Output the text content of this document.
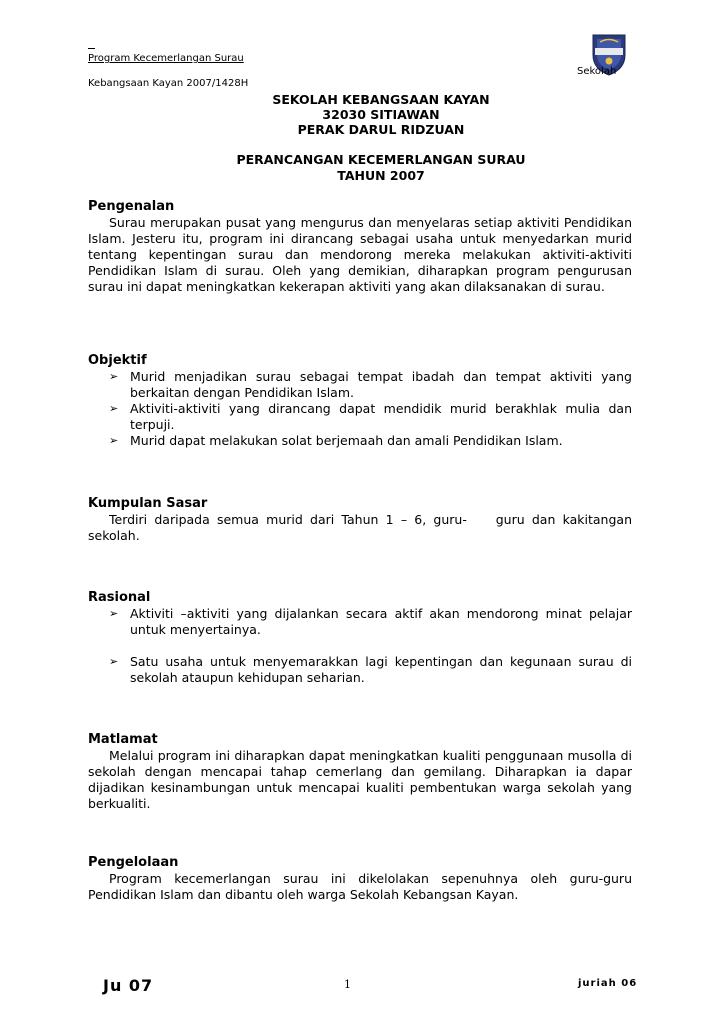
Program Kecemerlangan Surau
Kebangsaan Kayan 2007/1428H
Sekolah
SEKOLAH KEBANGSAAN KAYAN
32030 SITIAWAN
PERAK DARUL RIDZUAN
PERANCANGAN KECEMERLANGAN SURAU
TAHUN 2007
Pengenalan
Surau merupakan pusat yang mengurus dan menyelaras setiap aktiviti Pendidikan Islam. Jesteru itu, program ini dirancang sebagai usaha untuk menyedarkan murid tentang kepentingan surau dan mendorong mereka melakukan aktiviti-aktiviti Pendidikan Islam di surau. Oleh yang demikian, diharapkan program pengurusan surau ini dapat meningkatkan kekerapan aktiviti yang akan dilaksanakan di surau.
Objektif
➢ Murid menjadikan surau sebagai tempat ibadah dan tempat aktiviti yang berkaitan dengan Pendidikan Islam.
➢ Aktiviti-aktiviti yang dirancang dapat mendidik murid berakhlak mulia dan terpuji.
➢ Murid dapat melakukan solat berjemaah dan amali Pendidikan Islam.
Kumpulan Sasar
Terdiri daripada semua murid dari Tahun 1 – 6, guru-    guru dan kakitangan sekolah.
Rasional
➢ Aktiviti –aktiviti yang dijalankan secara aktif akan mendorong minat pelajar untuk menyertainya.
➢ Satu usaha untuk menyemarakkan lagi kepentingan dan kegunaan surau di sekolah ataupun kehidupan seharian.
Matlamat
Melalui program ini diharapkan dapat meningkatkan kualiti penggunaan musolla di sekolah dengan mencapai tahap cemerlang dan gemilang. Diharapkan ia dapar dijadikan kesinambungan untuk mencapai kualiti pembentukan warga sekolah yang berkualiti.
Pengelolaan
Program kecemerlangan surau ini dikelolakan sepenuhnya oleh guru-guru Pendidikan Islam dan dibantu oleh warga Sekolah Kebangsan Kayan.
Ju 07	1	juriah 06
